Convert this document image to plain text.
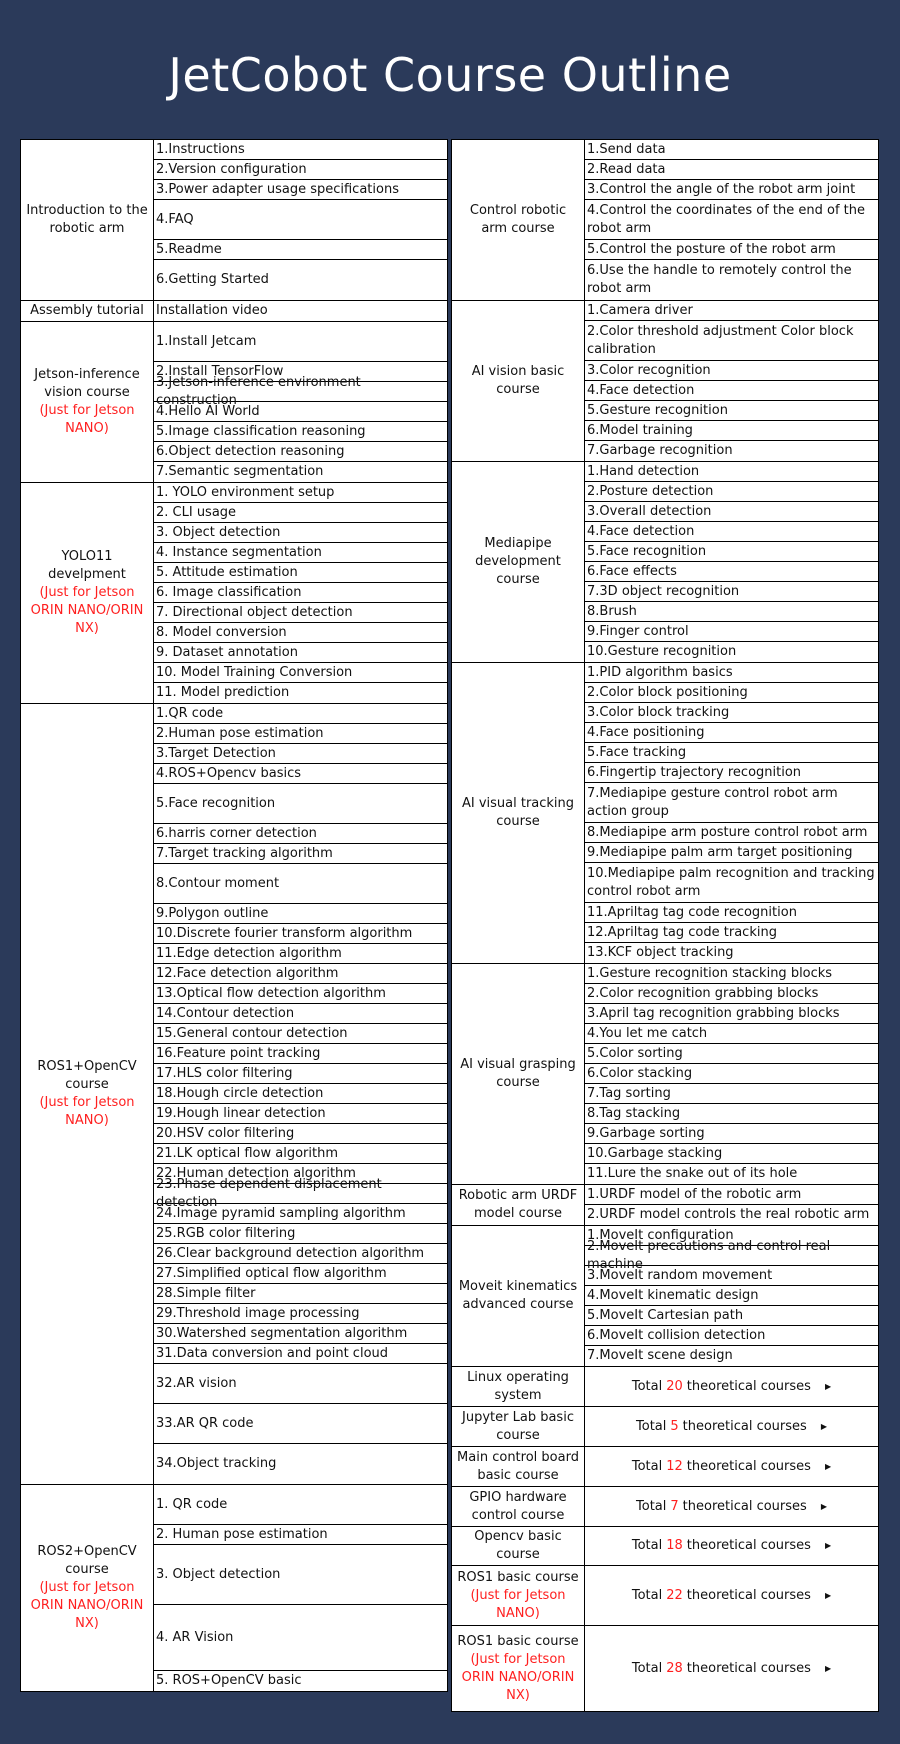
JetCobot Course Outline
Introduction to the robotic arm
1.Instructions
2.Version configuration
3.Power adapter usage specifications
4.FAQ
5.Readme
6.Getting Started
Assembly tutorial Installation video
Jetson-inference vision course
(Just for Jetson NANO)
1.Install Jetcam
2.Install TensorFlow
3.Jetson-inference environment construction
4.Hello AI World
5.Image classification reasoning
6.Object detection reasoning
7.Semantic segmentation
YOLO11 develpment
(Just for Jetson ORIN NANO/ORIN NX)
1. YOLO environment setup
2. CLI usage
3. Object detection
4. Instance segmentation
5. Attitude estimation
6. Image classification
7. Directional object detection
8. Model conversion
9. Dataset annotation
10. Model Training Conversion
11. Model prediction
ROS1+OpenCV course
(Just for Jetson NANO)
1.QR code
2.Human pose estimation
3.Target Detection
4.ROS+Opencv basics
5.Face recognition
6.harris corner detection
7.Target tracking algorithm
8.Contour moment
9.Polygon outline
10.Discrete fourier transform algorithm
11.Edge detection algorithm
12.Face detection algorithm
13.Optical flow detection algorithm
14.Contour detection
15.General contour detection
16.Feature point tracking
17.HLS color filtering
18.Hough circle detection
19.Hough linear detection
20.HSV color filtering
21.LK optical flow algorithm
22.Human detection algorithm
23.Phase dependent displacement detection
24.Image pyramid sampling algorithm
25.RGB color filtering
26.Clear background detection algorithm
27.Simplified optical flow algorithm
28.Simple filter
29.Threshold image processing
30.Watershed segmentation algorithm
31.Data conversion and point cloud
32.AR vision
33.AR QR code
34.Object tracking
ROS2+OpenCV course
(Just for Jetson ORIN NANO/ORIN NX)
1. QR code
2. Human pose estimation
3. Object detection
4. AR Vision
5. ROS+OpenCV basic
Control robotic arm course
1.Send data
2.Read data
3.Control the angle of the robot arm joint
4.Control the coordinates of the end of the robot arm
5.Control the posture of the robot arm
6.Use the handle to remotely control the robot arm
AI vision basic course
1.Camera driver
2.Color threshold adjustment Color block calibration
3.Color recognition
4.Face detection
5.Gesture recognition
6.Model training
7.Garbage recognition
Mediapipe development course
1.Hand detection
2.Posture detection
3.Overall detection
4.Face detection
5.Face recognition
6.Face effects
7.3D object recognition
8.Brush
9.Finger control
10.Gesture recognition
AI visual tracking course
1.PID algorithm basics
2.Color block positioning
3.Color block tracking
4.Face positioning
5.Face tracking
6.Fingertip trajectory recognition
7.Mediapipe gesture control robot arm action group
8.Mediapipe arm posture control robot arm
9.Mediapipe palm arm target positioning
10.Mediapipe palm recognition and tracking control robot arm
11.Apriltag tag code recognition
12.Apriltag tag code tracking
13.KCF object tracking
AI visual grasping course
1.Gesture recognition stacking blocks
2.Color recognition grabbing blocks
3.April tag recognition grabbing blocks
4.You let me catch
5.Color sorting
6.Color stacking
7.Tag sorting
8.Tag stacking
9.Garbage sorting
10.Garbage stacking
11.Lure the snake out of its hole
Robotic arm URDF model course
1.URDF model of the robotic arm
2.URDF model controls the real robotic arm
Moveit kinematics advanced course
1.MoveIt configuration
2.MoveIt precautions and control real machine
3.MoveIt random movement
4.MoveIt kinematic design
5.MoveIt Cartesian path
6.MoveIt collision detection
7.MoveIt scene design
Linux operating system
Total 20 theoretical courses ▶
Jupyter Lab basic course
Total 5 theoretical courses ▶
Main control board basic course
Total 12 theoretical courses ▶
GPIO hardware control course
Total 7 theoretical courses ▶
Opencv basic course
Total 18 theoretical courses ▶
ROS1 basic course
(Just for Jetson NANO)
Total 22 theoretical courses ▶
ROS1 basic course
(Just for Jetson ORIN NANO/ORIN NX)
Total 28 theoretical courses ▶
